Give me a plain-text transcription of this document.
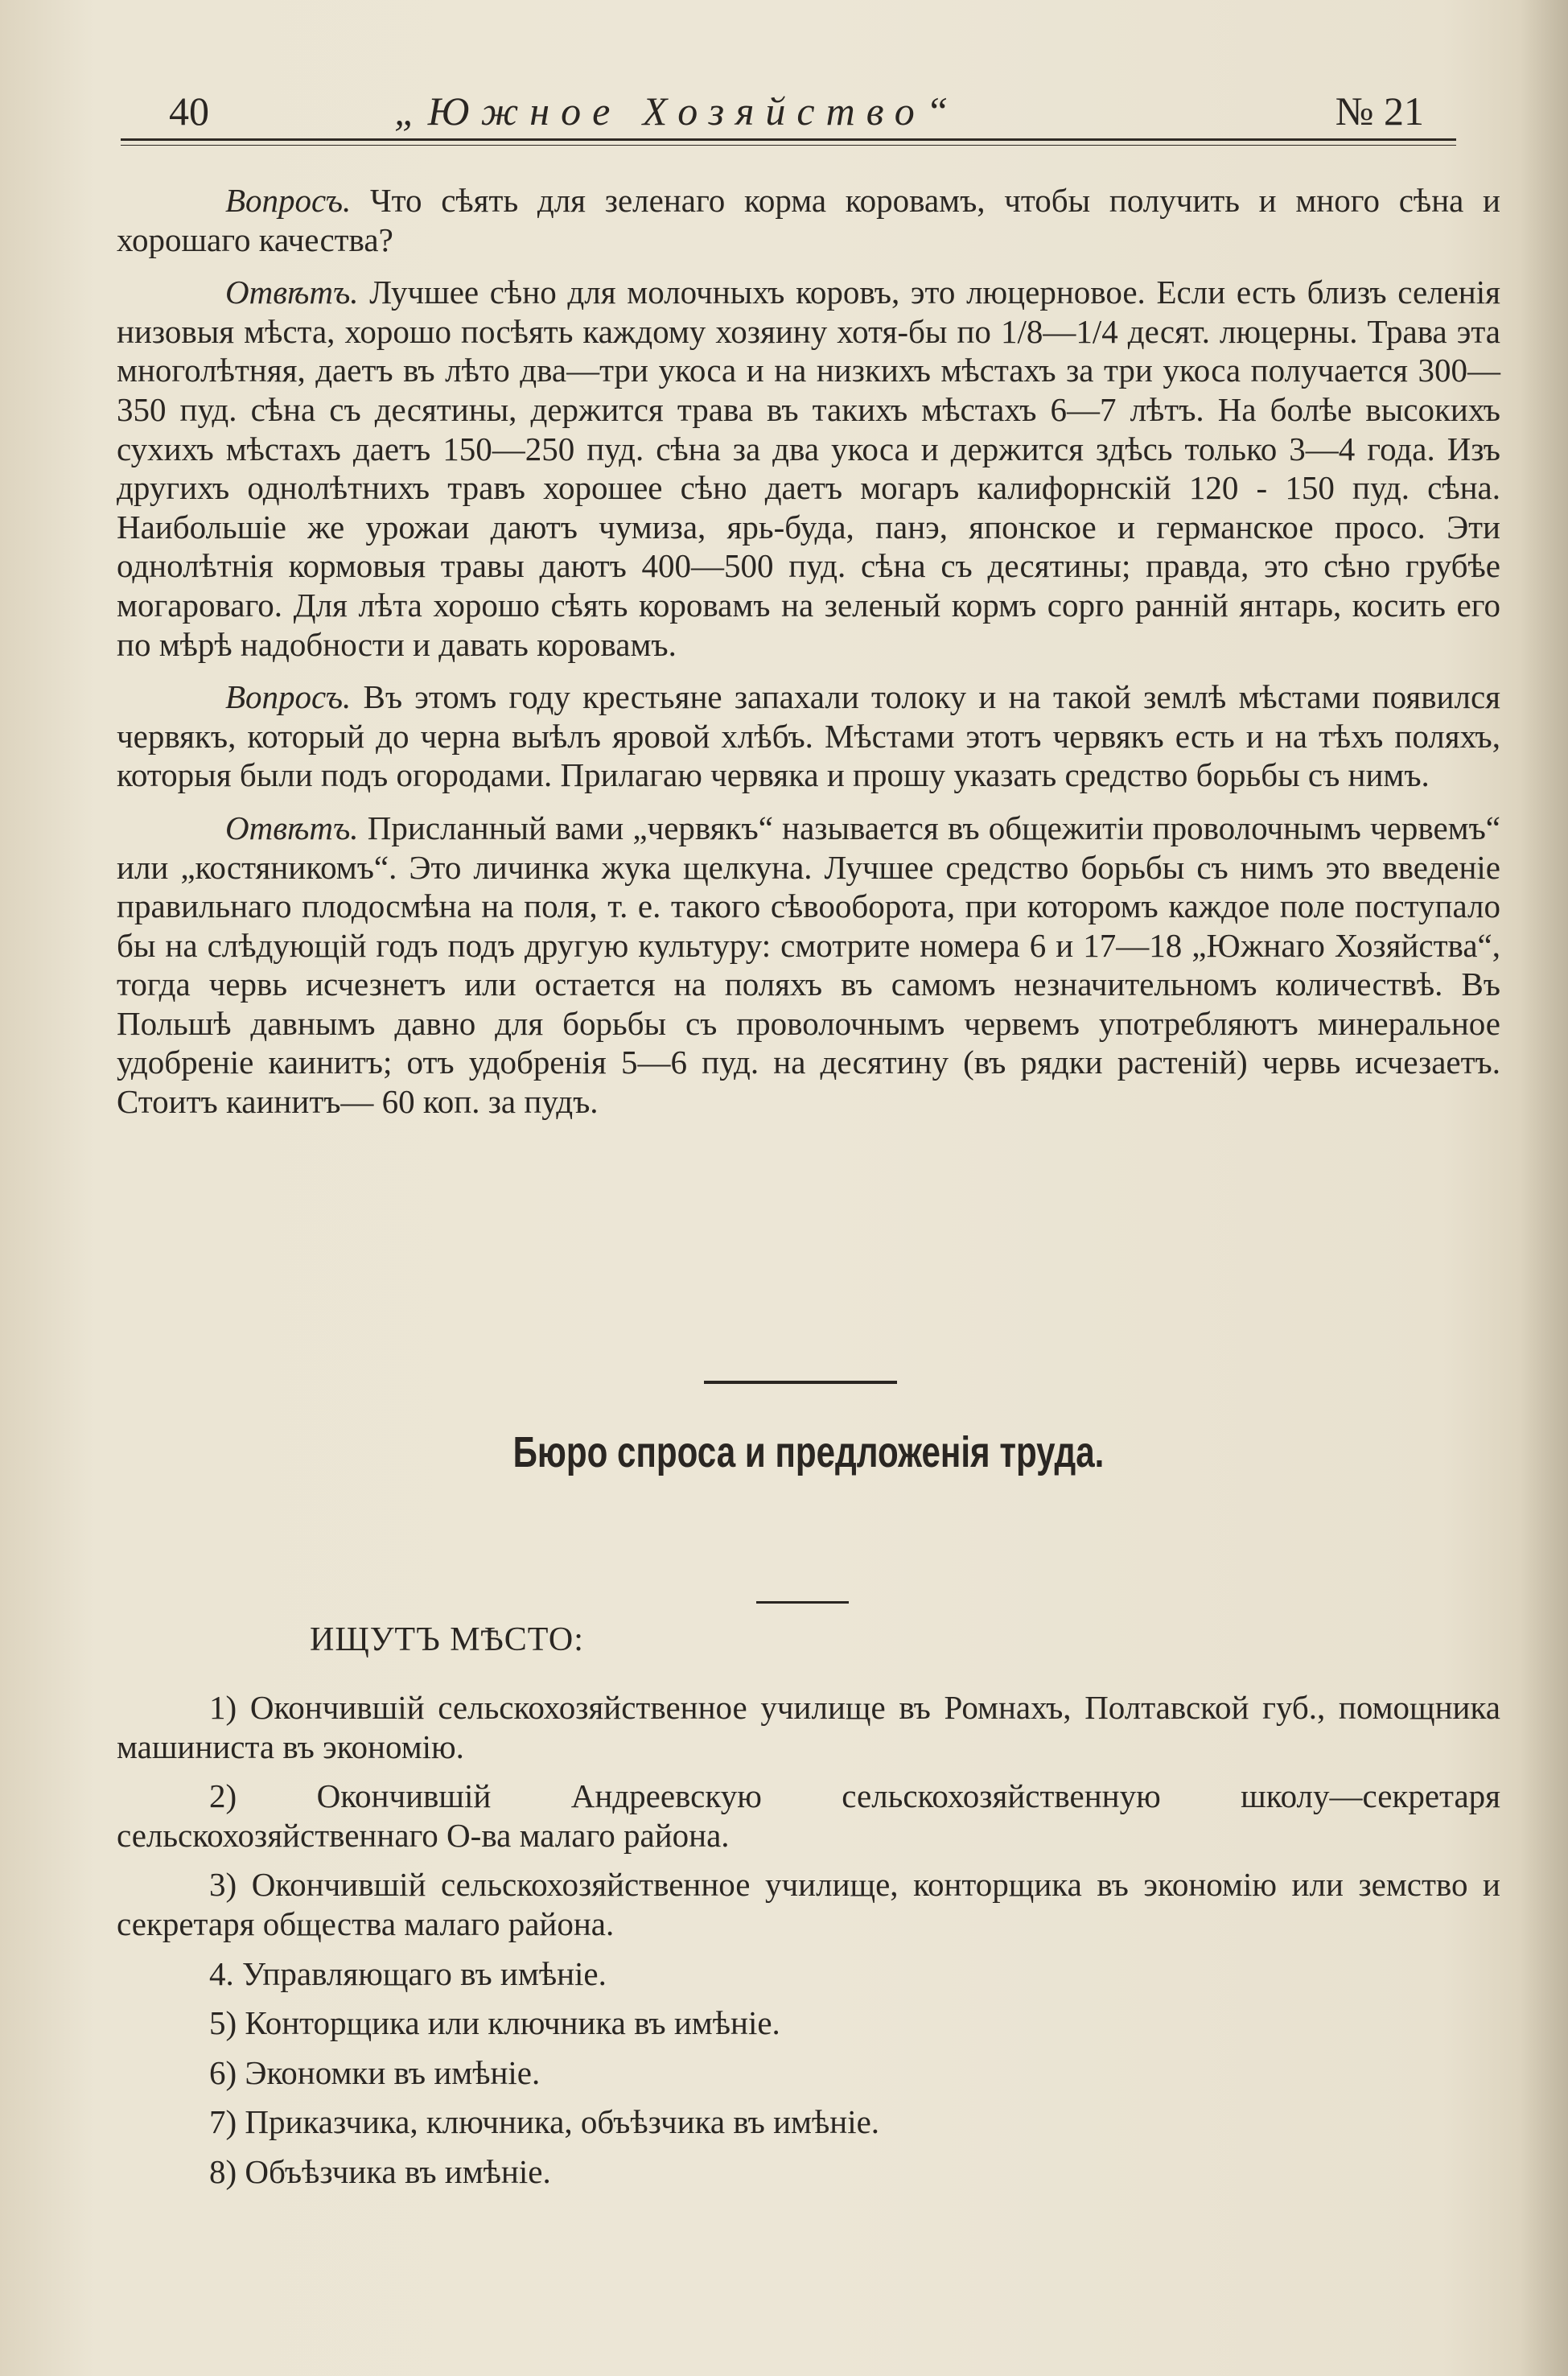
40	„Южное Хозяйство“	№ 21

Вопросъ. Что сѣять для зеленаго корма коровамъ, чтобы получить и много сѣна и хорошаго качества?

Отвѣтъ. Лучшее сѣно для молочныхъ коровъ, это люцерновое. Если есть близъ селенія низовыя мѣста, хорошо посѣять каждому хозяину хотя-бы по 1/8—1/4 десят. люцерны. Трава эта многолѣтняя, даетъ въ лѣто два—три укоса и на низкихъ мѣстахъ за три укоса получается 300—350 пуд. сѣна съ десятины, держится трава въ такихъ мѣстахъ 6—7 лѣтъ. На болѣе высокихъ сухихъ мѣстахъ даетъ 150—250 пуд. сѣна за два укоса и держится здѣсь только 3—4 года. Изъ другихъ однолѣтнихъ травъ хорошее сѣно даетъ могаръ калифорнскій 120 - 150 пуд. сѣна. Наибольшіе же урожаи даютъ чумиза, ярь-буда, панэ, японское и германское просо. Эти однолѣтнія кормовыя травы даютъ 400—500 пуд. сѣна съ десятины; правда, это сѣно грубѣе могароваго. Для лѣта хорошо сѣять коровамъ на зеленый кормъ сорго ранній янтарь, косить его по мѣрѣ надобности и давать коровамъ.

Вопросъ. Въ этомъ году крестьяне запахали толоку и на такой землѣ мѣстами появился червякъ, который до черна выѣлъ яровой хлѣбъ. Мѣстами этотъ червякъ есть и на тѣхъ поляхъ, которыя были подъ огородами. Прилагаю червяка и прошу указать средство борьбы съ нимъ.

Отвѣтъ. Присланный вами „червякъ“ называется въ общежитіи проволочнымъ червемъ“ или „костяникомъ“. Это личинка жука щелкуна. Лучшее средство борьбы съ нимъ это введеніе правильнаго плодосмѣна на поля, т. е. такого сѣвооборота, при которомъ каждое поле поступало бы на слѣдующій годъ подъ другую культуру: смотрите номера 6 и 17—18 „Южнаго Хозяйства“, тогда червь исчезнетъ или остается на поляхъ въ самомъ незначительномъ количествѣ. Въ Польшѣ давнымъ давно для борьбы съ проволочнымъ червемъ употребляютъ минеральное удобреніе каинитъ; отъ удобренія 5—6 пуд. на десятину (въ рядки растеній) червь исчезаетъ. Стоитъ каинитъ— 60 коп. за пудъ.

Бюро спроса и предложенія труда.
ИЩУТЪ МѢСТО:

1) Окончившій сельскохозяйственное училище въ Ромнахъ, Полтавской губ., помощника машиниста въ экономію.

2) Окончившій Андреевскую сельскохозяйственную школу—секретаря сельскохозяйственнаго О-ва малаго района.

3) Окончившій сельскохозяйственное училище, конторщика въ экономію или земство и секретаря общества малаго района.

4. Управляющаго въ имѣніе.

5) Конторщика или ключника въ имѣніе.

6) Экономки въ имѣніе.

7) Приказчика, ключника, объѣзчика въ имѣніе.

8) Объѣзчика въ имѣніе.
